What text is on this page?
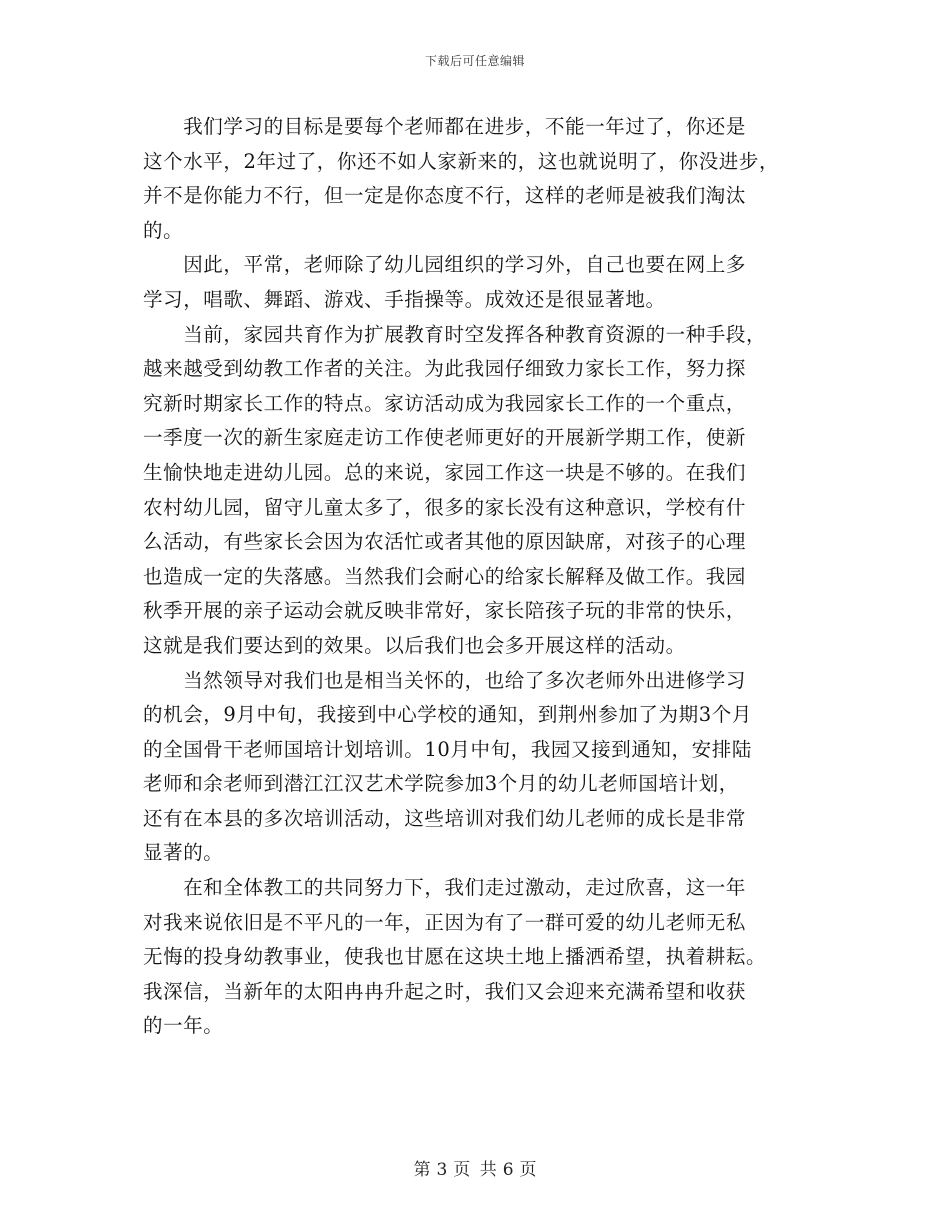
下载后可任意编辑
　　我们学习的目标是要每个老师都在进步，不能一年过了，你还是
这个水平，2年过了，你还不如人家新来的，这也就说明了，你没进步，
并不是你能力不行，但一定是你态度不行，这样的老师是被我们淘汰
的。
　　因此，平常，老师除了幼儿园组织的学习外，自己也要在网上多
学习，唱歌、舞蹈、游戏、手指操等。成效还是很显著地。
　　当前，家园共育作为扩展教育时空发挥各种教育资源的一种手段，
越来越受到幼教工作者的关注。为此我园仔细致力家长工作，努力探
究新时期家长工作的特点。家访活动成为我园家长工作的一个重点，
一季度一次的新生家庭走访工作使老师更好的开展新学期工作，使新
生愉快地走进幼儿园。总的来说，家园工作这一块是不够的。在我们
农村幼儿园，留守儿童太多了，很多的家长没有这种意识，学校有什
么活动，有些家长会因为农活忙或者其他的原因缺席，对孩子的心理
也造成一定的失落感。当然我们会耐心的给家长解释及做工作。我园
秋季开展的亲子运动会就反映非常好，家长陪孩子玩的非常的快乐，
这就是我们要达到的效果。以后我们也会多开展这样的活动。
　　当然领导对我们也是相当关怀的，也给了多次老师外出进修学习
的机会，9月中旬，我接到中心学校的通知，到荆州参加了为期3个月
的全国骨干老师国培计划培训。10月中旬，我园又接到通知，安排陆
老师和余老师到潜江江汉艺术学院参加3个月的幼儿老师国培计划，
还有在本县的多次培训活动，这些培训对我们幼儿老师的成长是非常
显著的。
　　在和全体教工的共同努力下，我们走过激动，走过欣喜，这一年
对我来说依旧是不平凡的一年，正因为有了一群可爱的幼儿老师无私
无悔的投身幼教事业，使我也甘愿在这块土地上播洒希望，执着耕耘。
我深信，当新年的太阳冉冉升起之时，我们又会迎来充满希望和收获
的一年。
第 3 页 共 6 页
